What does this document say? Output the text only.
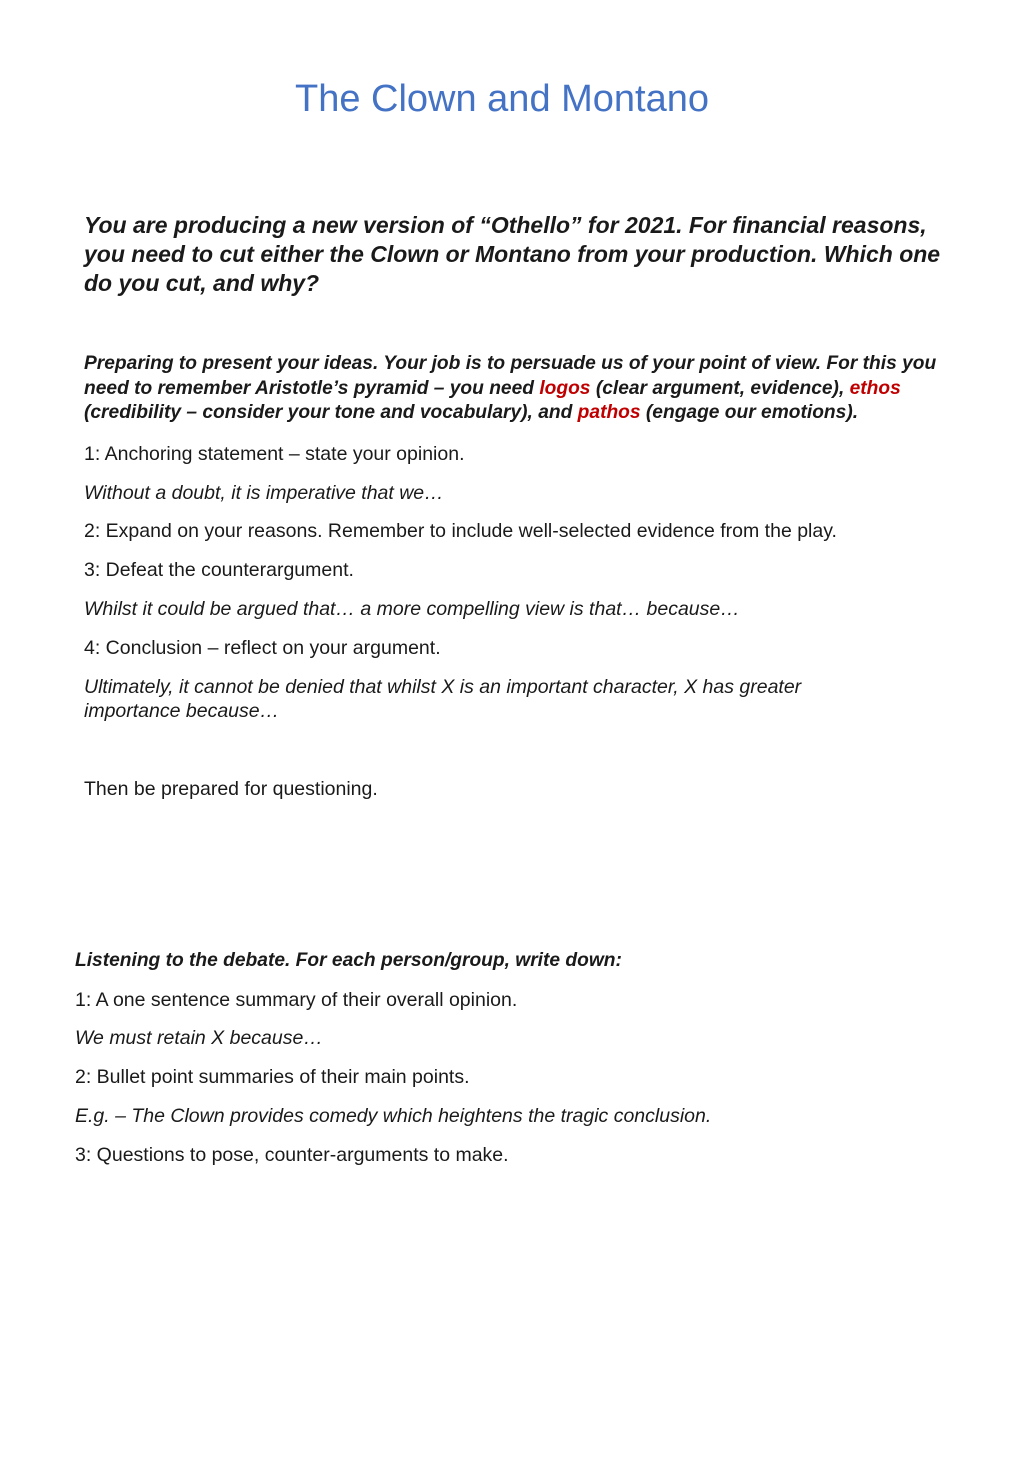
The Clown and Montano

You are producing a new version of “Othello” for 2021. For financial reasons, you need to cut either the Clown or Montano from your production. Which one do you cut, and why?

Preparing to present your ideas. Your job is to persuade us of your point of view. For this you need to remember Aristotle’s pyramid – you need logos (clear argument, evidence), ethos (credibility – consider your tone and vocabulary), and pathos (engage our emotions).

1: Anchoring statement – state your opinion.

Without a doubt, it is imperative that we…

2: Expand on your reasons. Remember to include well-selected evidence from the play.

3: Defeat the counterargument.

Whilst it could be argued that… a more compelling view is that… because…

4: Conclusion – reflect on your argument.

Ultimately, it cannot be denied that whilst X is an important character, X has greater importance because…

Then be prepared for questioning.

Listening to the debate. For each person/group, write down:

1: A one sentence summary of their overall opinion.

We must retain X because…

2: Bullet point summaries of their main points.

E.g. – The Clown provides comedy which heightens the tragic conclusion.

3: Questions to pose, counter-arguments to make.
